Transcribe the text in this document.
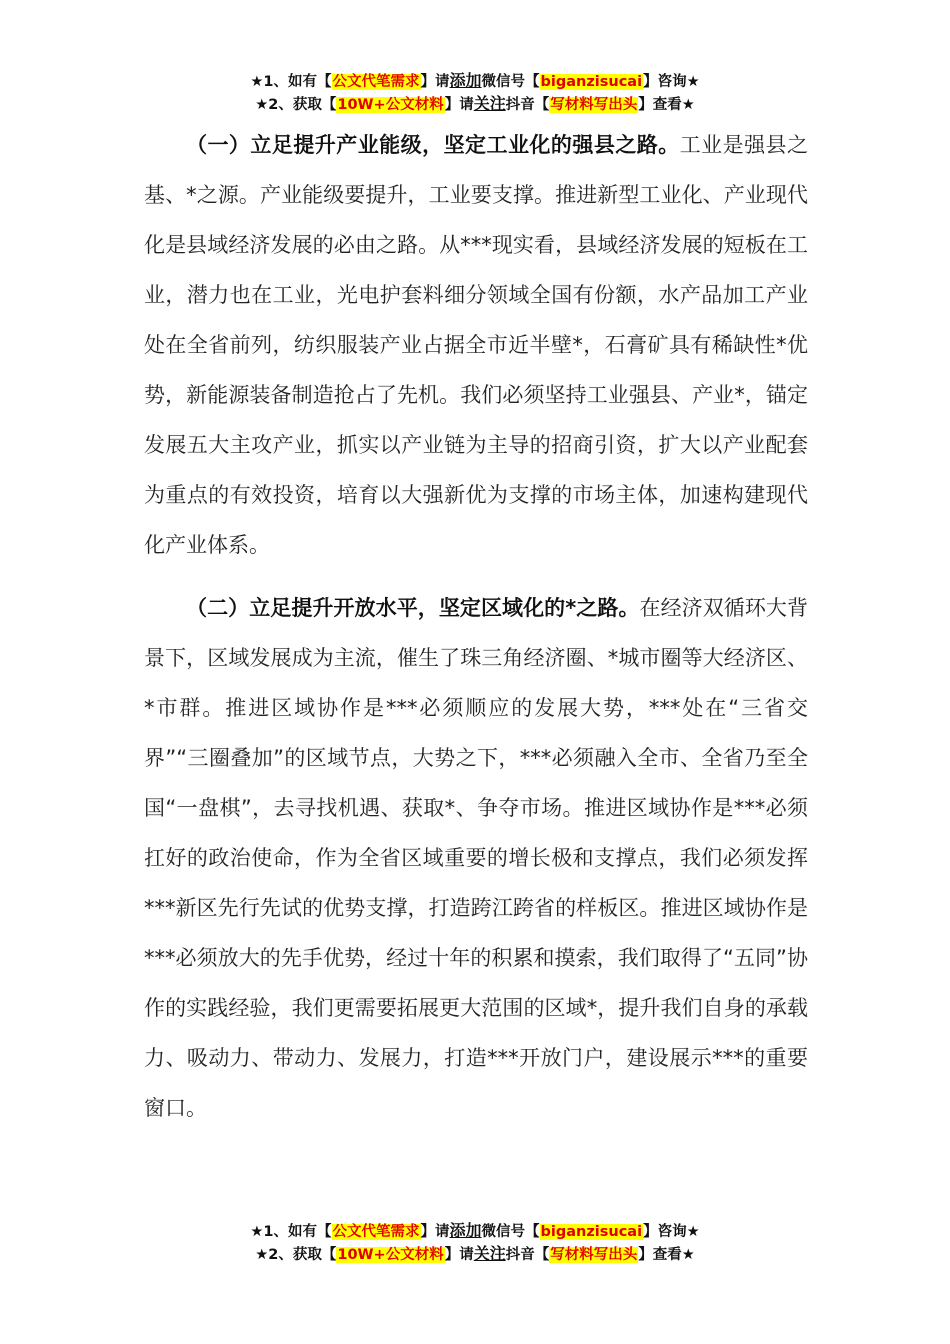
★1、如有【公文代笔需求】请添加微信号【biganzisucai】咨询★
★2、获取【10W+公文材料】请关注抖音【写材料写出头】查看★

（一）立足提升产业能级，坚定工业化的强县之路。工业是强县之基、*之源。产业能级要提升，工业要支撑。推进新型工业化、产业现代化是县域经济发展的必由之路。从***现实看，县域经济发展的短板在工业，潜力也在工业，光电护套料细分领域全国有份额，水产品加工产业处在全省前列，纺织服装产业占据全市近半壁*，石膏矿具有稀缺性*优势，新能源装备制造抢占了先机。我们必须坚持工业强县、产业*，锚定发展五大主攻产业，抓实以产业链为主导的招商引资，扩大以产业配套为重点的有效投资，培育以大强新优为支撑的市场主体，加速构建现代化产业体系。

（二）立足提升开放水平，坚定区域化的*之路。在经济双循环大背景下，区域发展成为主流，催生了珠三角经济圈、*城市圈等大经济区、*市群。推进区域协作是***必须顺应的发展大势，***处在“三省交界”“三圈叠加”的区域节点，大势之下，***必须融入全市、全省乃至全国“一盘棋”，去寻找机遇、获取*、争夺市场。推进区域协作是***必须扛好的政治使命，作为全省区域重要的增长极和支撑点，我们必须发挥***新区先行先试的优势支撑，打造跨江跨省的样板区。推进区域协作是***必须放大的先手优势，经过十年的积累和摸索，我们取得了“五同”协作的实践经验，我们更需要拓展更大范围的区域*，提升我们自身的承载力、吸动力、带动力、发展力，打造***开放门户，建设展示***的重要窗口。

★1、如有【公文代笔需求】请添加微信号【biganzisucai】咨询★
★2、获取【10W+公文材料】请关注抖音【写材料写出头】查看★
